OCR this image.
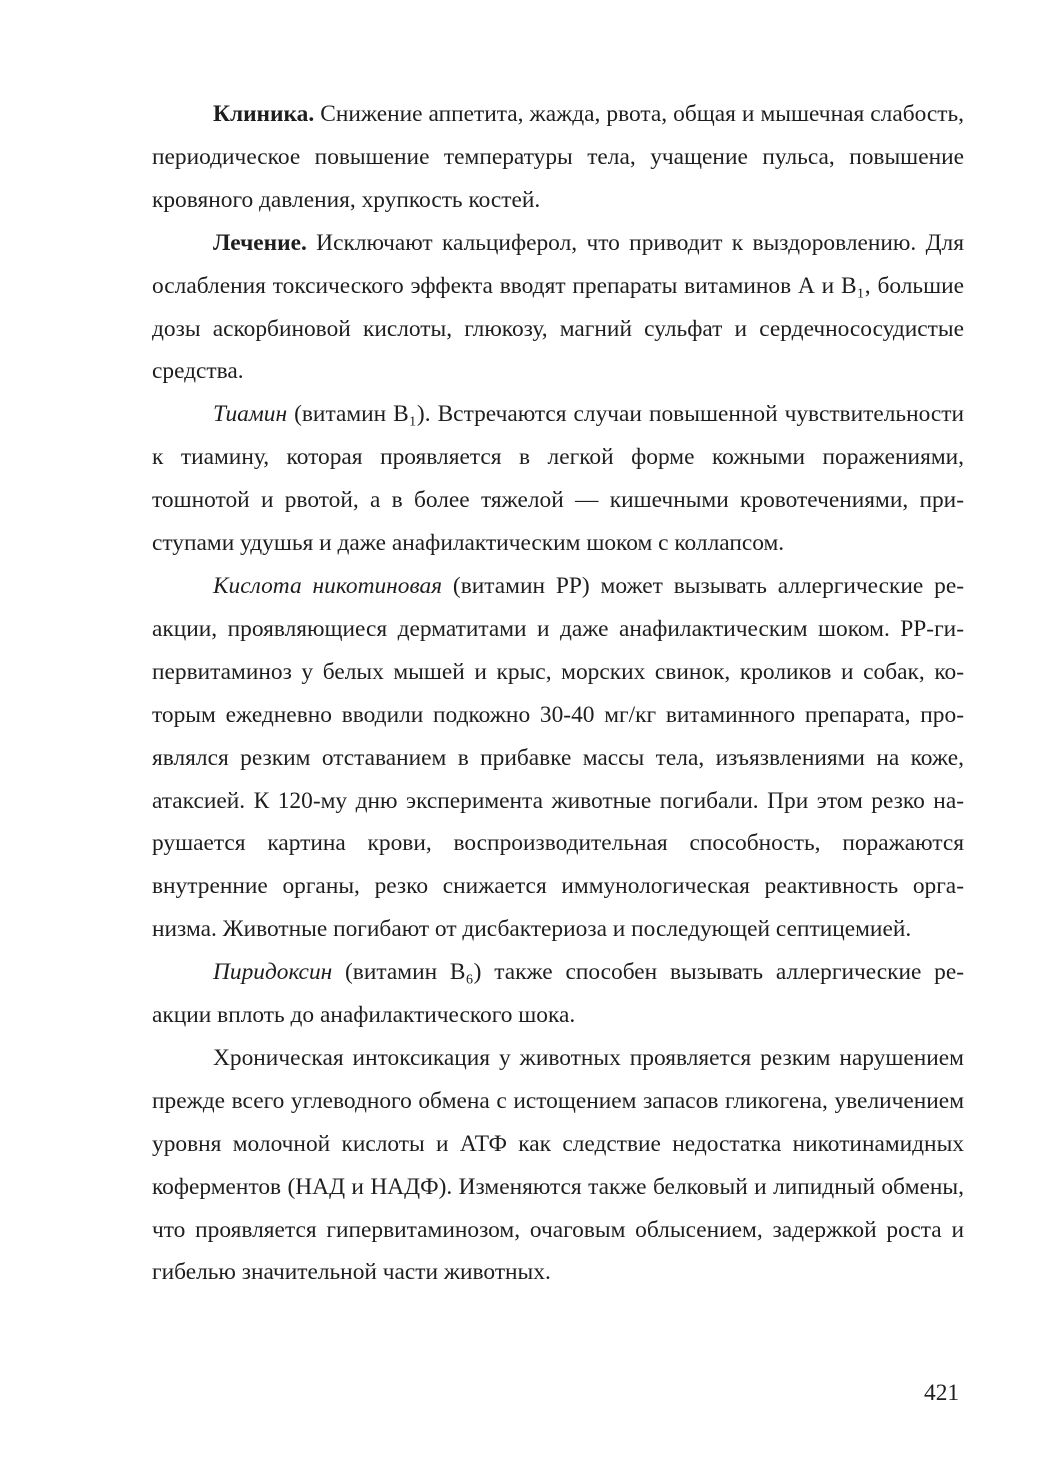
Клиника. Снижение аппетита, жажда, рвота, общая и мышечная слабость, периодическое повышение температуры тела, учащение пульса, повышение кровяного давления, хрупкость костей.

Лечение. Исключают кальциферол, что приводит к выздоровлению. Для ослабления токсического эффекта вводят препараты витаминов А и В₁, большие дозы аскорбиновой кислоты, глюкозу, магний сульфат и сердечнососудистые средства.

Тиамин (витамин В₁). Встречаются случаи повышенной чувствительности к тиамину, которая проявляется в легкой форме кожными поражениями, тошнотой и рвотой, а в более тяжелой — кишечными кровотечениями, приступами удушья и даже анафилактическим шоком с коллапсом.

Кислота никотиновая (витамин РР) может вызывать аллергические реакции, проявляющиеся дерматитами и даже анафилактическим шоком. РР-гипервитаминоз у белых мышей и крыс, морских свинок, кроликов и собак, которым ежедневно вводили подкожно 30-40 мг/кг витаминного препарата, проявлялся резким отставанием в прибавке массы тела, изъязвлениями на коже, атаксией. К 120-му дню эксперимента животные погибали. При этом резко нарушается картина крови, воспроизводительная способность, поражаются внутренние органы, резко снижается иммунологическая реактивность организма. Животные погибают от дисбактериоза и последующей септицемией.

Пиридоксин (витамин В₆) также способен вызывать аллергические реакции вплоть до анафилактического шока.

Хроническая интоксикация у животных проявляется резким нарушением прежде всего углеводного обмена с истощением запасов гликогена, увеличением уровня молочной кислоты и АТФ как следствие недостатка никотинамидных коферментов (НАД и НАДФ). Изменяются также белковый и липидный обмены, что проявляется гипервитаминозом, очаговым облысением, задержкой роста и гибелью значительной части животных.

421
